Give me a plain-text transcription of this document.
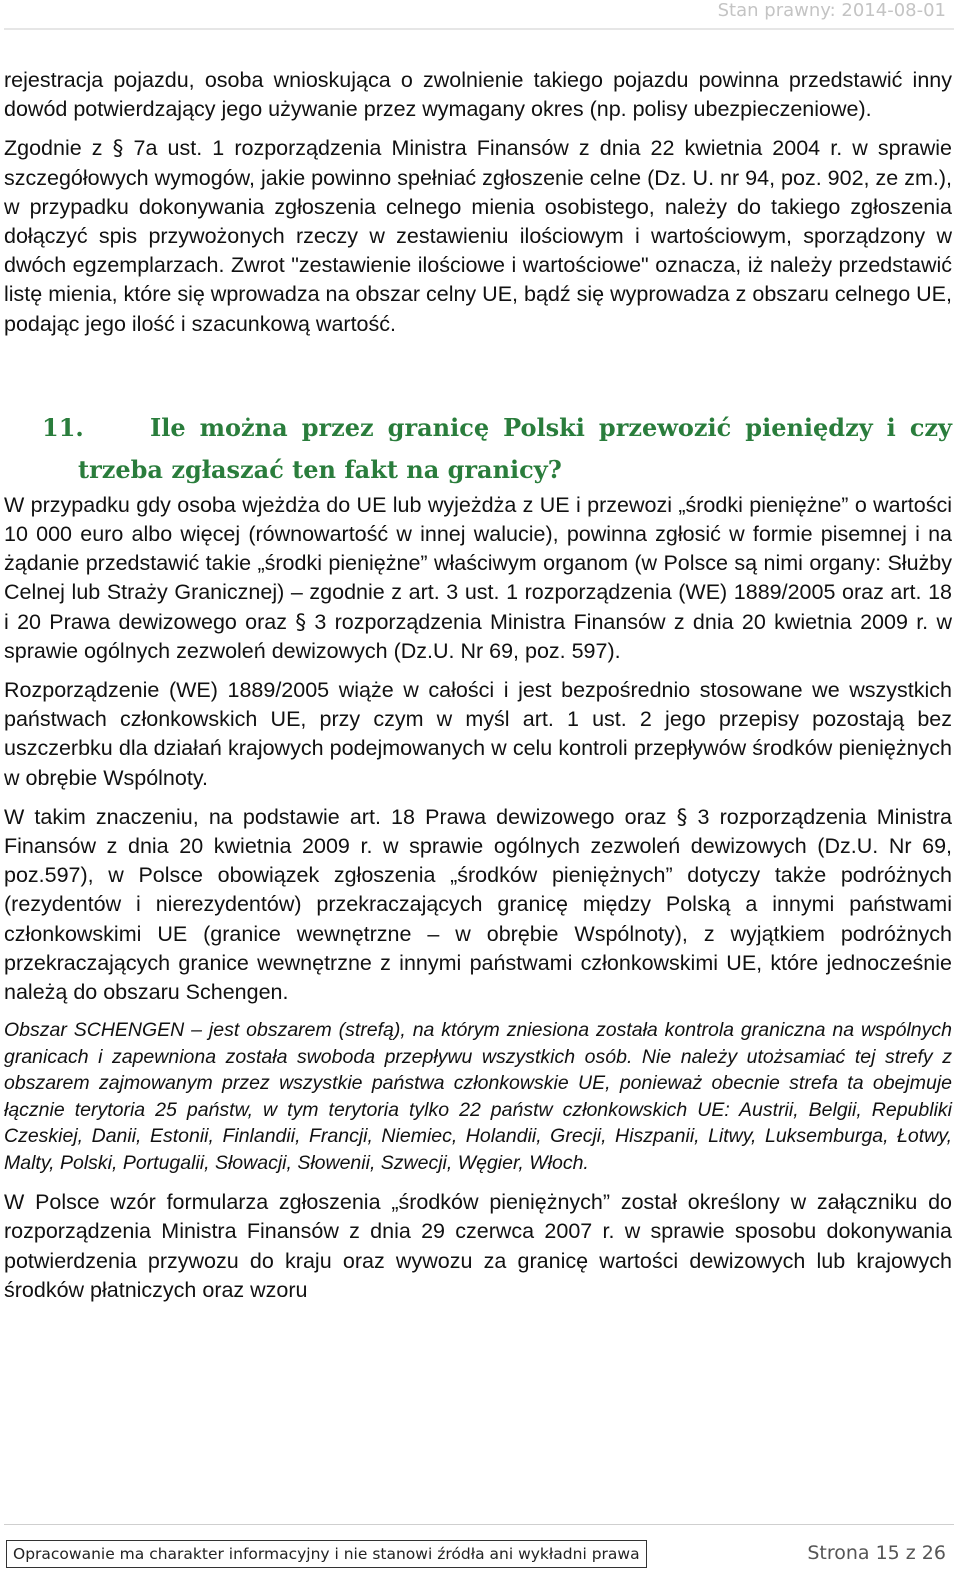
Stan prawny: 2014-08-01

rejestracja pojazdu, osoba wnioskująca o zwolnienie takiego pojazdu powinna przedstawić inny dowód potwierdzający jego używanie przez wymagany okres (np. polisy ubezpieczeniowe).

Zgodnie z § 7a ust. 1 rozporządzenia Ministra Finansów z dnia 22 kwietnia 2004 r. w sprawie szczegółowych wymogów, jakie powinno spełniać zgłoszenie celne (Dz. U. nr 94, poz. 902, ze zm.), w przypadku dokonywania zgłoszenia celnego mienia osobistego, należy do takiego zgłoszenia dołączyć spis przywożonych rzeczy w zestawieniu ilościowym i wartościowym, sporządzony w dwóch egzemplarzach. Zwrot "zestawienie ilościowe i wartościowe" oznacza, iż należy przedstawić listę mienia, które się wprowadza na obszar celny UE, bądź się wyprowadza z obszaru celnego UE, podając jego ilość i szacunkową wartość.

11.	Ile można przez granicę Polski przewozić pieniędzy i czy
trzeba zgłaszać ten fakt na granicy?

W przypadku gdy osoba wjeżdża do UE lub wyjeżdża z UE i przewozi „środki pieniężne” o wartości 10 000 euro albo więcej (równowartość w innej walucie), powinna zgłosić w formie pisemnej i na żądanie przedstawić takie „środki pieniężne” właściwym organom (w Polsce są nimi organy: Służby Celnej lub Straży Granicznej) – zgodnie z art. 3 ust. 1 rozporządzenia (WE) 1889/2005 oraz art. 18 i 20 Prawa dewizowego oraz § 3 rozporządzenia Ministra Finansów z dnia 20 kwietnia 2009 r. w sprawie ogólnych zezwoleń dewizowych (Dz.U. Nr 69, poz. 597).

Rozporządzenie (WE) 1889/2005 wiąże w całości i jest bezpośrednio stosowane we wszystkich państwach członkowskich UE, przy czym w myśl art. 1 ust. 2 jego przepisy pozostają bez uszczerbku dla działań krajowych podejmowanych w celu kontroli przepływów środków pieniężnych w obrębie Wspólnoty.

W takim znaczeniu, na podstawie art. 18 Prawa dewizowego oraz § 3 rozporządzenia Ministra Finansów z dnia 20 kwietnia 2009 r. w sprawie ogólnych zezwoleń dewizowych (Dz.U. Nr 69, poz.597), w Polsce obowiązek zgłoszenia „środków pieniężnych” dotyczy także podróżnych (rezydentów i nierezydentów) przekraczających granicę między Polską a innymi państwami członkowskimi UE (granice wewnętrzne – w obrębie Wspólnoty), z wyjątkiem podróżnych przekraczających granice wewnętrzne z innymi państwami członkowskimi UE, które jednocześnie należą do obszaru Schengen.

Obszar SCHENGEN – jest obszarem (strefą), na którym zniesiona została kontrola graniczna na wspólnych granicach i zapewniona została swoboda przepływu wszystkich osób. Nie należy utożsamiać tej strefy z obszarem zajmowanym przez wszystkie państwa członkowskie UE, ponieważ obecnie strefa ta obejmuje łącznie terytoria 25 państw, w tym terytoria tylko 22 państw członkowskich UE: Austrii, Belgii, Republiki Czeskiej, Danii, Estonii, Finlandii, Francji, Niemiec, Holandii, Grecji, Hiszpanii, Litwy, Luksemburga, Łotwy, Malty, Polski, Portugalii, Słowacji, Słowenii, Szwecji, Węgier, Włoch.

W Polsce wzór formularza zgłoszenia „środków pieniężnych” został określony w załączniku do rozporządzenia Ministra Finansów z dnia 29 czerwca 2007 r. w sprawie sposobu dokonywania potwierdzenia przywozu do kraju oraz wywozu za granicę wartości dewizowych lub krajowych środków płatniczych oraz wzoru

Opracowanie ma charakter informacyjny i nie stanowi źródła ani wykładni prawa	Strona 15 z 26
